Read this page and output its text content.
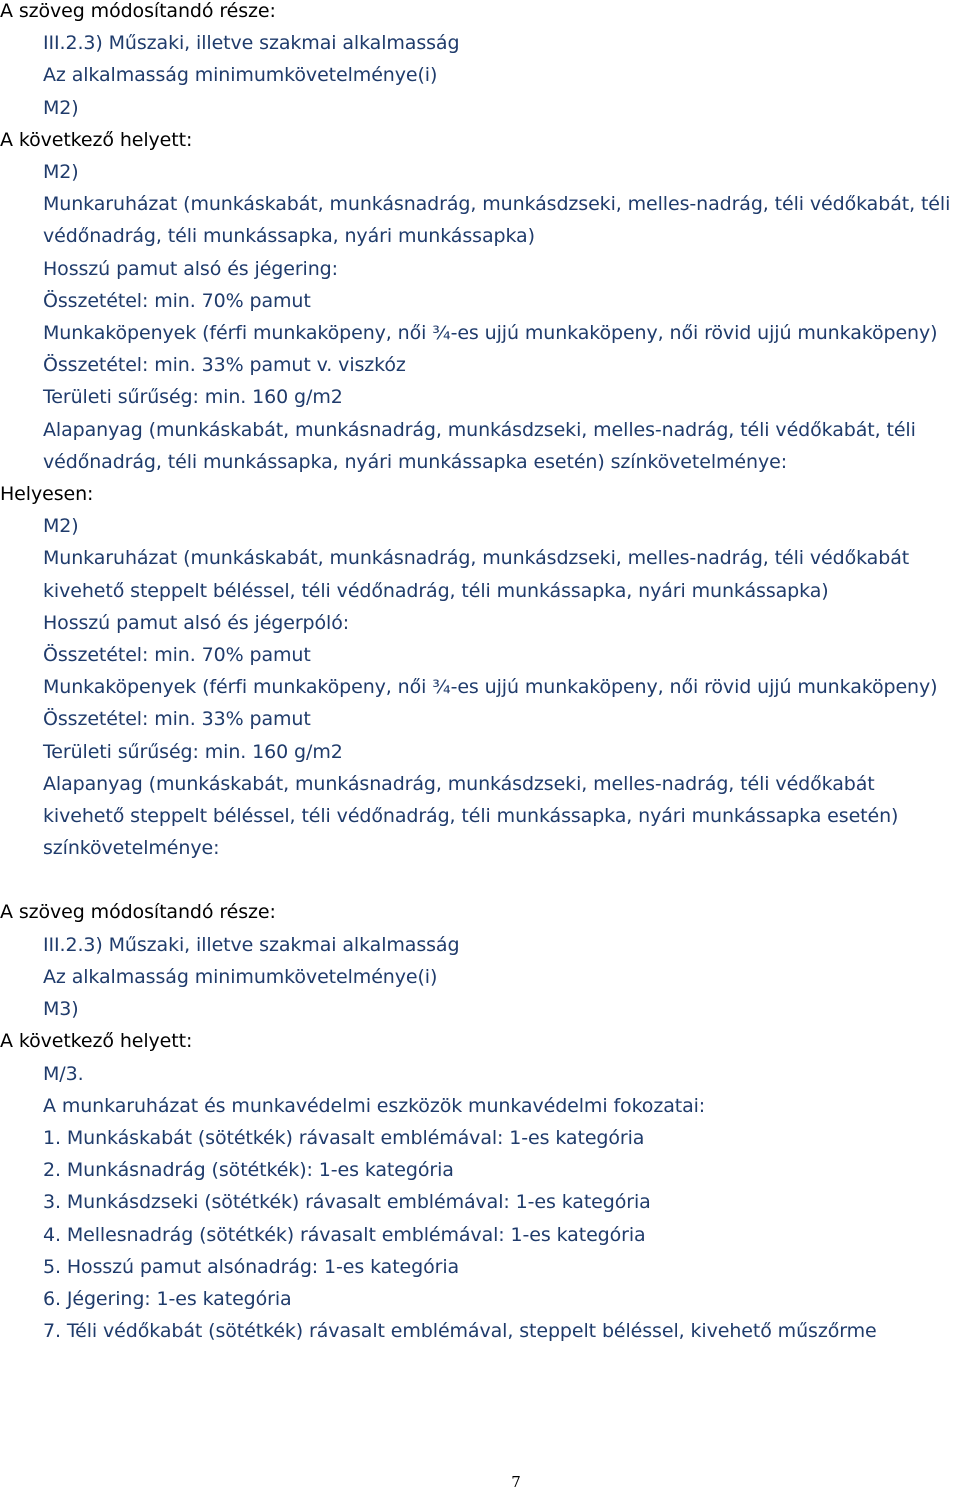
A szöveg módosítandó része:
III.2.3) Műszaki, illetve szakmai alkalmasság
Az alkalmasság minimumkövetelménye(i)
M2)
A következő helyett:
M2)
Munkaruházat (munkáskabát, munkásnadrág, munkásdzseki, melles-nadrág, téli védőkabát, téli védőnadrág, téli munkássapka, nyári munkássapka)
Hosszú pamut alsó és jégering:
Összetétel: min. 70% pamut
Munkaköpenyek (férfi munkaköpeny, női ¾-es ujjú munkaköpeny, női rövid ujjú munkaköpeny)
Összetétel: min. 33% pamut v. viszkóz
Területi sűrűség: min. 160 g/m2
Alapanyag (munkáskabát, munkásnadrág, munkásdzseki, melles-nadrág, téli védőkabát, téli védőnadrág, téli munkássapka, nyári munkássapka esetén) színkövetelménye:
Helyesen:
M2)
Munkaruházat (munkáskabát, munkásnadrág, munkásdzseki, melles-nadrág, téli védőkabát kivehető steppelt béléssel, téli védőnadrág, téli munkássapka, nyári munkássapka)
Hosszú pamut alsó és jégerpóló:
Összetétel: min. 70% pamut
Munkaköpenyek (férfi munkaköpeny, női ¾-es ujjú munkaköpeny, női rövid ujjú munkaköpeny)
Összetétel: min. 33% pamut
Területi sűrűség: min. 160 g/m2
Alapanyag (munkáskabát, munkásnadrág, munkásdzseki, melles-nadrág, téli védőkabát kivehető steppelt béléssel, téli védőnadrág, téli munkássapka, nyári munkássapka esetén) színkövetelménye:
A szöveg módosítandó része:
III.2.3) Műszaki, illetve szakmai alkalmasság
Az alkalmasság minimumkövetelménye(i)
M3)
A következő helyett:
M/3.
A munkaruházat és munkavédelmi eszközök munkavédelmi fokozatai:
1. Munkáskabát (sötétkék) rávasalt emblémával: 1-es kategória
2. Munkásnadrág (sötétkék): 1-es kategória
3. Munkásdzseki (sötétkék) rávasalt emblémával: 1-es kategória
4. Mellesnadrág (sötétkék) rávasalt emblémával: 1-es kategória
5. Hosszú pamut alsónadrág: 1-es kategória
6. Jégering: 1-es kategória
7. Téli védőkabát (sötétkék) rávasalt emblémával, steppelt béléssel, kivehető műszőrme
7
